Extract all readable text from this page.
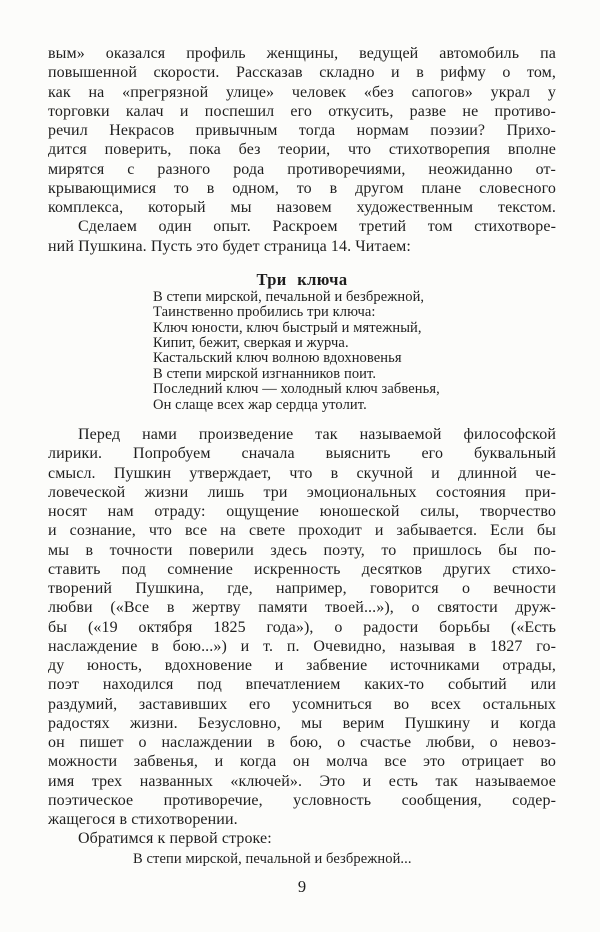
вым» оказался профиль женщины, ведущей автомобиль па
повышенной скорости. Рассказав складно и в рифму о том,
как на «прегрязной улице» человек «без сапогов» украл у
торговки калач и поспешил его откусить, разве не противо-
речил Некрасов привычным тогда нормам поэзии? Прихо-
дится поверить, пока без теории, что стихотворепия вполне
мирятся с разного рода противоречиями, неожиданно от-
крывающимися то в одном, то в другом плане словесного
комплекса, который мы назовем художественным текстом.
Сделаем один опыт. Раскроем третий том стихотворе-
ний Пушкина. Пусть это будет страница 14. Читаем:
Три ключа
В степи мирской, печальной и безбрежной,
Таинственно пробились три ключа:
Ключ юности, ключ быстрый и мятежный,
Кипит, бежит, сверкая и журча.
Кастальский ключ волною вдохновенья
В степи мирской изгнанников поит.
Последний ключ — холодный ключ забвенья,
Он слаще всех жар сердца утолит.
Перед нами произведение так называемой философской
лирики. Попробуем сначала выяснить его буквальный
смысл. Пушкин утверждает, что в скучной и длинной че-
ловеческой жизни лишь три эмоциональных состояния при-
носят нам отраду: ощущение юношеской силы, творчество
и сознание, что все на свете проходит и забывается. Если бы
мы в точности поверили здесь поэту, то пришлось бы по-
ставить под сомнение искренность десятков других стихо-
творений Пушкина, где, например, говорится о вечности
любви («Все в жертву памяти твоей...»), о святости друж-
бы («19 октября 1825 года»), о радости борьбы («Есть
наслаждение в бою...») и т. п. Очевидно, называя в 1827 го-
ду юность, вдохновение и забвение источниками отрады,
поэт находился под впечатлением каких-то событий или
раздумий, заставивших его усомниться во всех остальных
радостях жизни. Безусловно, мы верим Пушкину и когда
он пишет о наслаждении в бою, о счастье любви, о невоз-
можности забвенья, и когда он молча все это отрицает во
имя трех названных «ключей». Это и есть так называемое
поэтическое противоречие, условность сообщения, содер-
жащегося в стихотворении.
Обратимся к первой строке:
В степи мирской, печальной и безбрежной...
9
